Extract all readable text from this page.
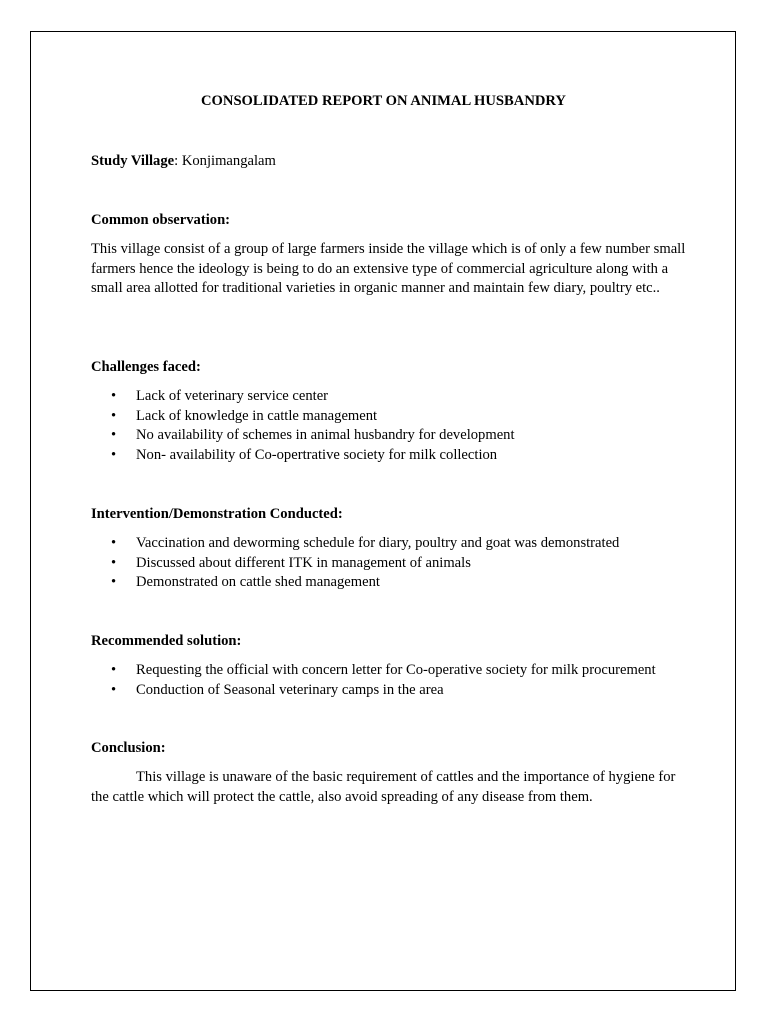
CONSOLIDATED REPORT ON ANIMAL HUSBANDRY

Study Village: Konjimangalam

Common observation:

This village consist of a group of large farmers inside the village which is of only a few number small farmers hence the ideology is being to do an extensive type of commercial agriculture along with a small area allotted for traditional varieties in organic manner and maintain few diary, poultry etc..

Challenges faced:

• Lack of veterinary service center
• Lack of knowledge in cattle management
• No availability of schemes in animal husbandry for development
• Non- availability of Co-opertrative society for milk collection

Intervention/Demonstration Conducted:

• Vaccination and deworming schedule for diary, poultry and goat was demonstrated
• Discussed about different ITK in management of animals
• Demonstrated on cattle shed management

Recommended solution:

• Requesting the official with concern letter for Co-operative society for milk procurement
• Conduction of Seasonal veterinary camps in the area

Conclusion:

This village is unaware of the basic requirement of cattles and the importance of hygiene for the cattle which will protect the cattle, also avoid spreading of any disease from them.
